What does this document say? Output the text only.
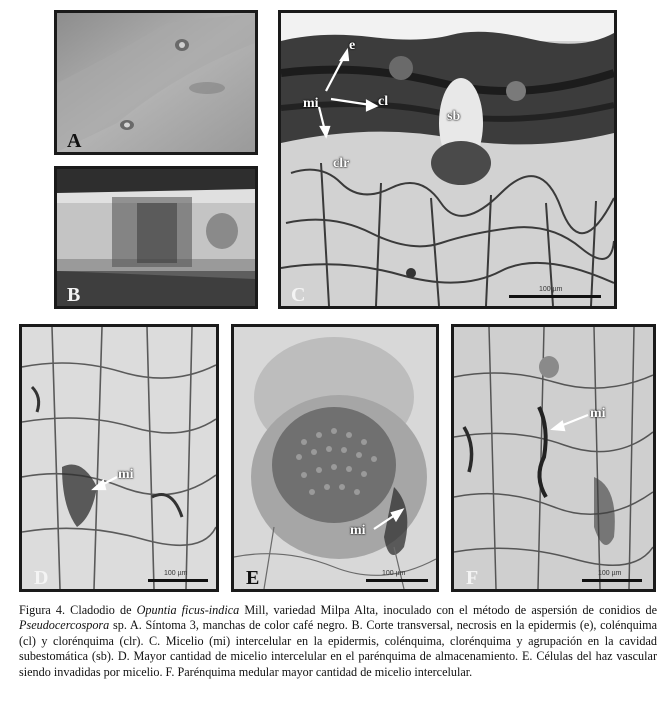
A
B
e
mi	cl
clr
sb
100 µm
C
mi
100 µm
D
mi
100 µm
E
mi
100 µm
F
Figura 4. Cladodio de Opuntia ficus-indica Mill, variedad Milpa Alta, inoculado con el método de aspersión de conidios de Pseudocercospora sp. A. Síntoma 3, manchas de color café negro. B. Corte transversal, necrosis en la epidermis (e), colénquima (cl) y clorénquima (clr). C. Micelio (mi) intercelular en la epidermis, colénquima, clorénquima y agrupación en la cavidad subestomática (sb). D. Mayor cantidad de micelio intercelular en el parénquima de almacenamiento. E. Células del haz vascular siendo invadidas por micelio. F. Parénquima medular mayor cantidad de micelio intercelular.
